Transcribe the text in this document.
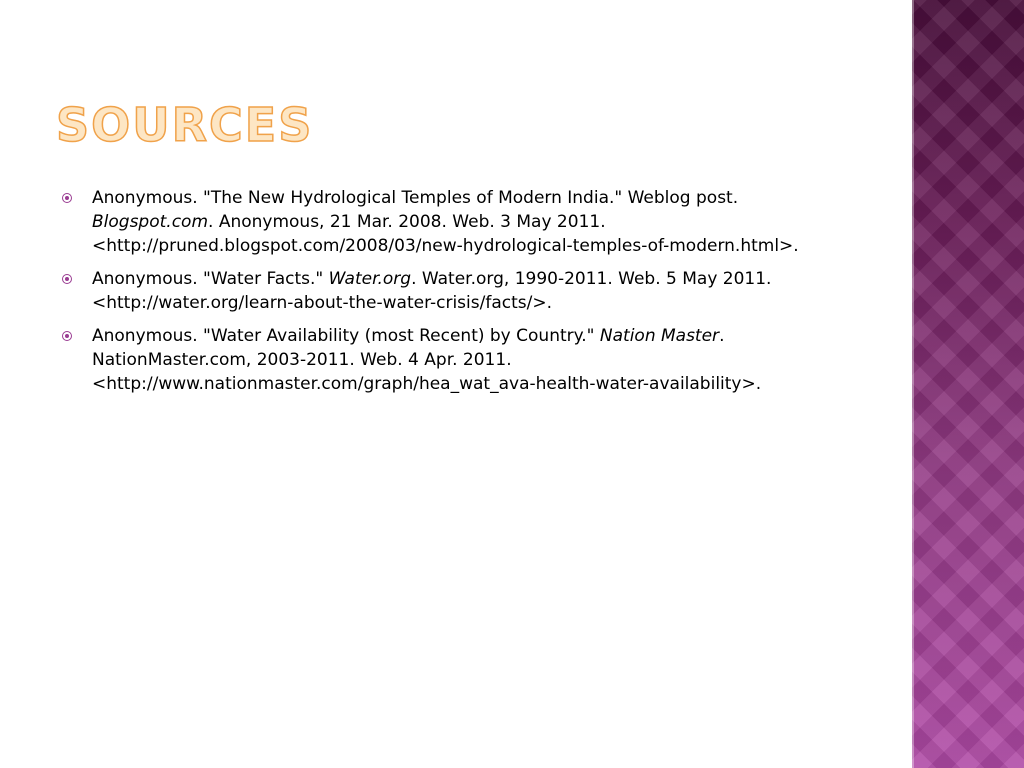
SOURCES
Anonymous. "The New Hydrological Temples of Modern India." Weblog post.
Blogspot.com. Anonymous, 21 Mar. 2008. Web. 3 May 2011.
<http://pruned.blogspot.com/2008/03/new-hydrological-temples-of-modern.html>.
Anonymous. "Water Facts." Water.org. Water.org, 1990-2011. Web. 5 May 2011.
<http://water.org/learn-about-the-water-crisis/facts/>.
Anonymous. "Water Availability (most Recent) by Country." Nation Master.
NationMaster.com, 2003-2011. Web. 4 Apr. 2011.
<http://www.nationmaster.com/graph/hea_wat_ava-health-water-availability>.
